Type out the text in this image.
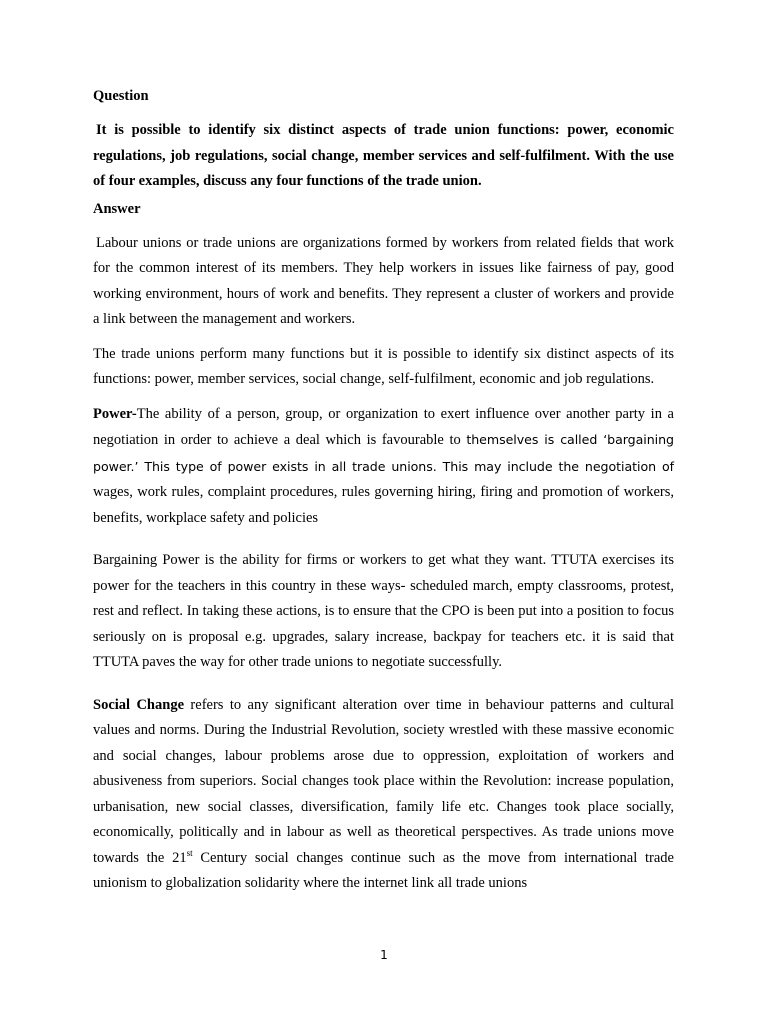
Question

It is possible to identify six distinct aspects of trade union functions: power, economic regulations, job regulations, social change, member services and self-fulfilment. With the use of four examples, discuss any four functions of the trade union.

Answer

Labour unions or trade unions are organizations formed by workers from related fields that work for the common interest of its members. They help workers in issues like fairness of pay, good working environment, hours of work and benefits. They represent a cluster of workers and provide a link between the management and workers.

The trade unions perform many functions but it is possible to identify six distinct aspects of its functions: power, member services, social change, self-fulfilment, economic and job regulations.

Power-The ability of a person, group, or organization to exert influence over another party in a negotiation in order to achieve a deal which is favourable to themselves is called ‘bargaining power.’ This type of power exists in all trade unions. This may include the negotiation of wages, work rules, complaint procedures, rules governing hiring, firing and promotion of workers, benefits, workplace safety and policies

Bargaining Power is the ability for firms or workers to get what they want. TTUTA exercises its power for the teachers in this country in these ways- scheduled march, empty classrooms, protest, rest and reflect. In taking these actions, is to ensure that the CPO is been put into a position to focus seriously on is proposal e.g. upgrades, salary increase, backpay for teachers etc. it is said that TTUTA paves the way for other trade unions to negotiate successfully.

Social Change refers to any significant alteration over time in behaviour patterns and cultural values and norms. During the Industrial Revolution, society wrestled with these massive economic and social changes, labour problems arose due to oppression, exploitation of workers and abusiveness from superiors. Social changes took place within the Revolution: increase population, urbanisation, new social classes, diversification, family life etc. Changes took place socially, economically, politically and in labour as well as theoretical perspectives. As trade unions move towards the 21st Century social changes continue such as the move from international trade unionism to globalization solidarity where the internet link all trade unions

1
